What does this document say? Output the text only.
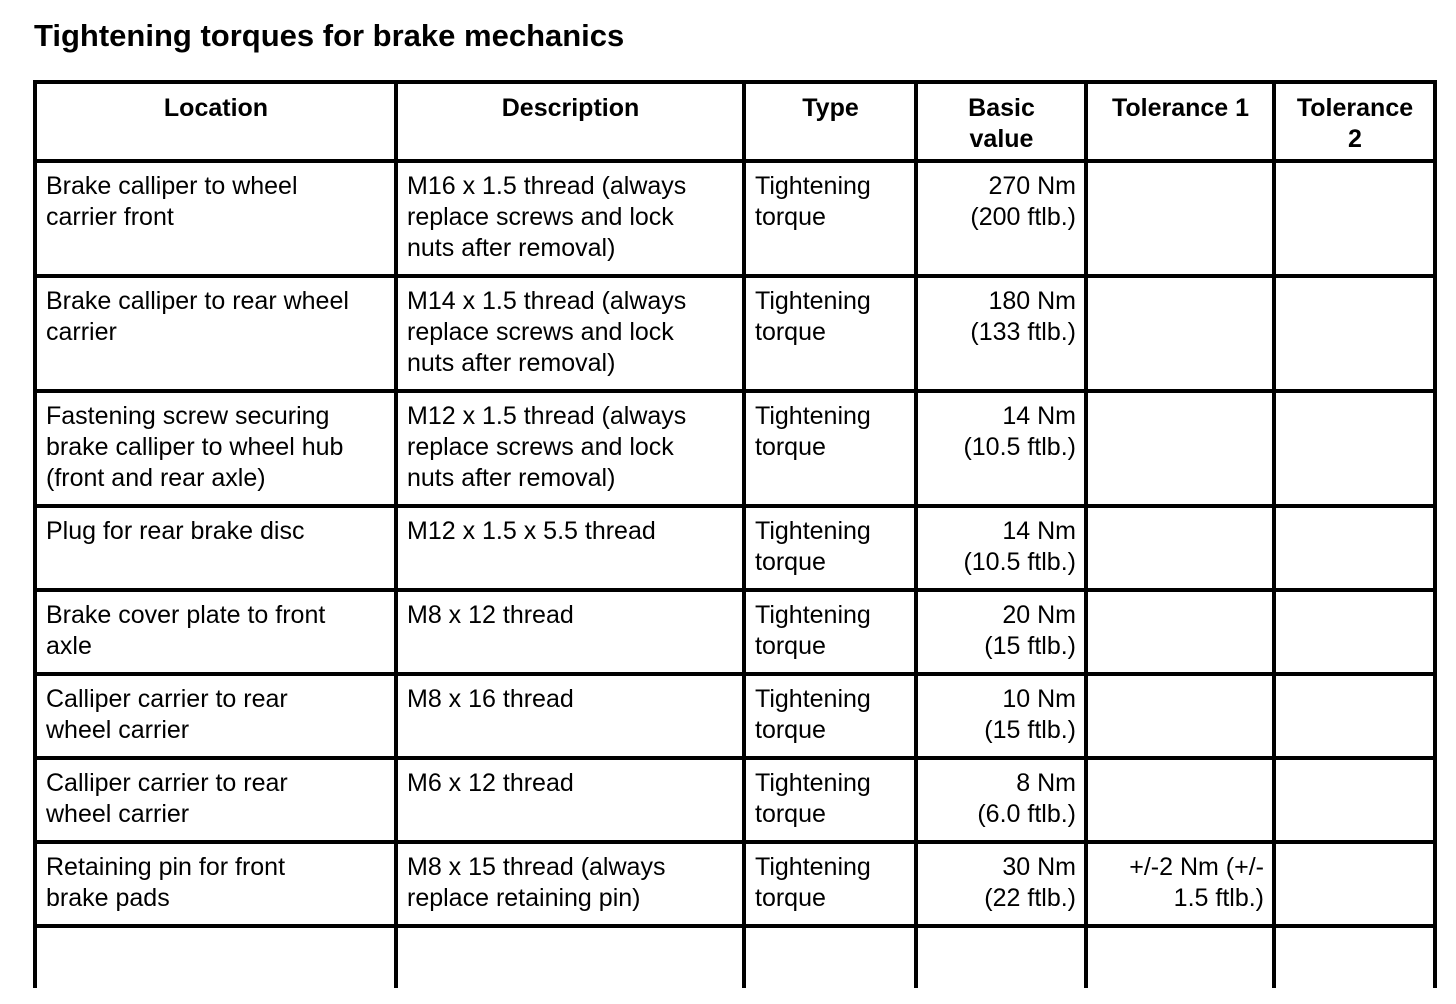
Tightening torques for brake mechanics
Location	Description	Type	Basic
value	Tolerance 1	Tolerance
2

Brake calliper to wheel
carrier front	M16 x 1.5 thread (always
replace screws and lock
nuts after removal)	Tightening
torque	270 Nm
(200 ftlb.)		

Brake calliper to rear wheel
carrier	M14 x 1.5 thread (always
replace screws and lock
nuts after removal)	Tightening
torque	180 Nm
(133 ftlb.)		

Fastening screw securing
brake calliper to wheel hub
(front and rear axle)	M12 x 1.5 thread (always
replace screws and lock
nuts after removal)	Tightening
torque	14 Nm
(10.5 ftlb.)		

Plug for rear brake disc	M12 x 1.5 x 5.5 thread	Tightening
torque	14 Nm
(10.5 ftlb.)		

Brake cover plate to front
axle	M8 x 12 thread	Tightening
torque	20 Nm
(15 ftlb.)		

Calliper carrier to rear
wheel carrier	M8 x 16 thread	Tightening
torque	10 Nm
(15 ftlb.)		

Calliper carrier to rear
wheel carrier	M6 x 12 thread	Tightening
torque	8 Nm
(6.0 ftlb.)		

Retaining pin for front
brake pads	M8 x 15 thread (always
replace retaining pin)	Tightening
torque	30 Nm
(22 ftlb.)	+/-2 Nm (+/-
1.5 ftlb.)	
